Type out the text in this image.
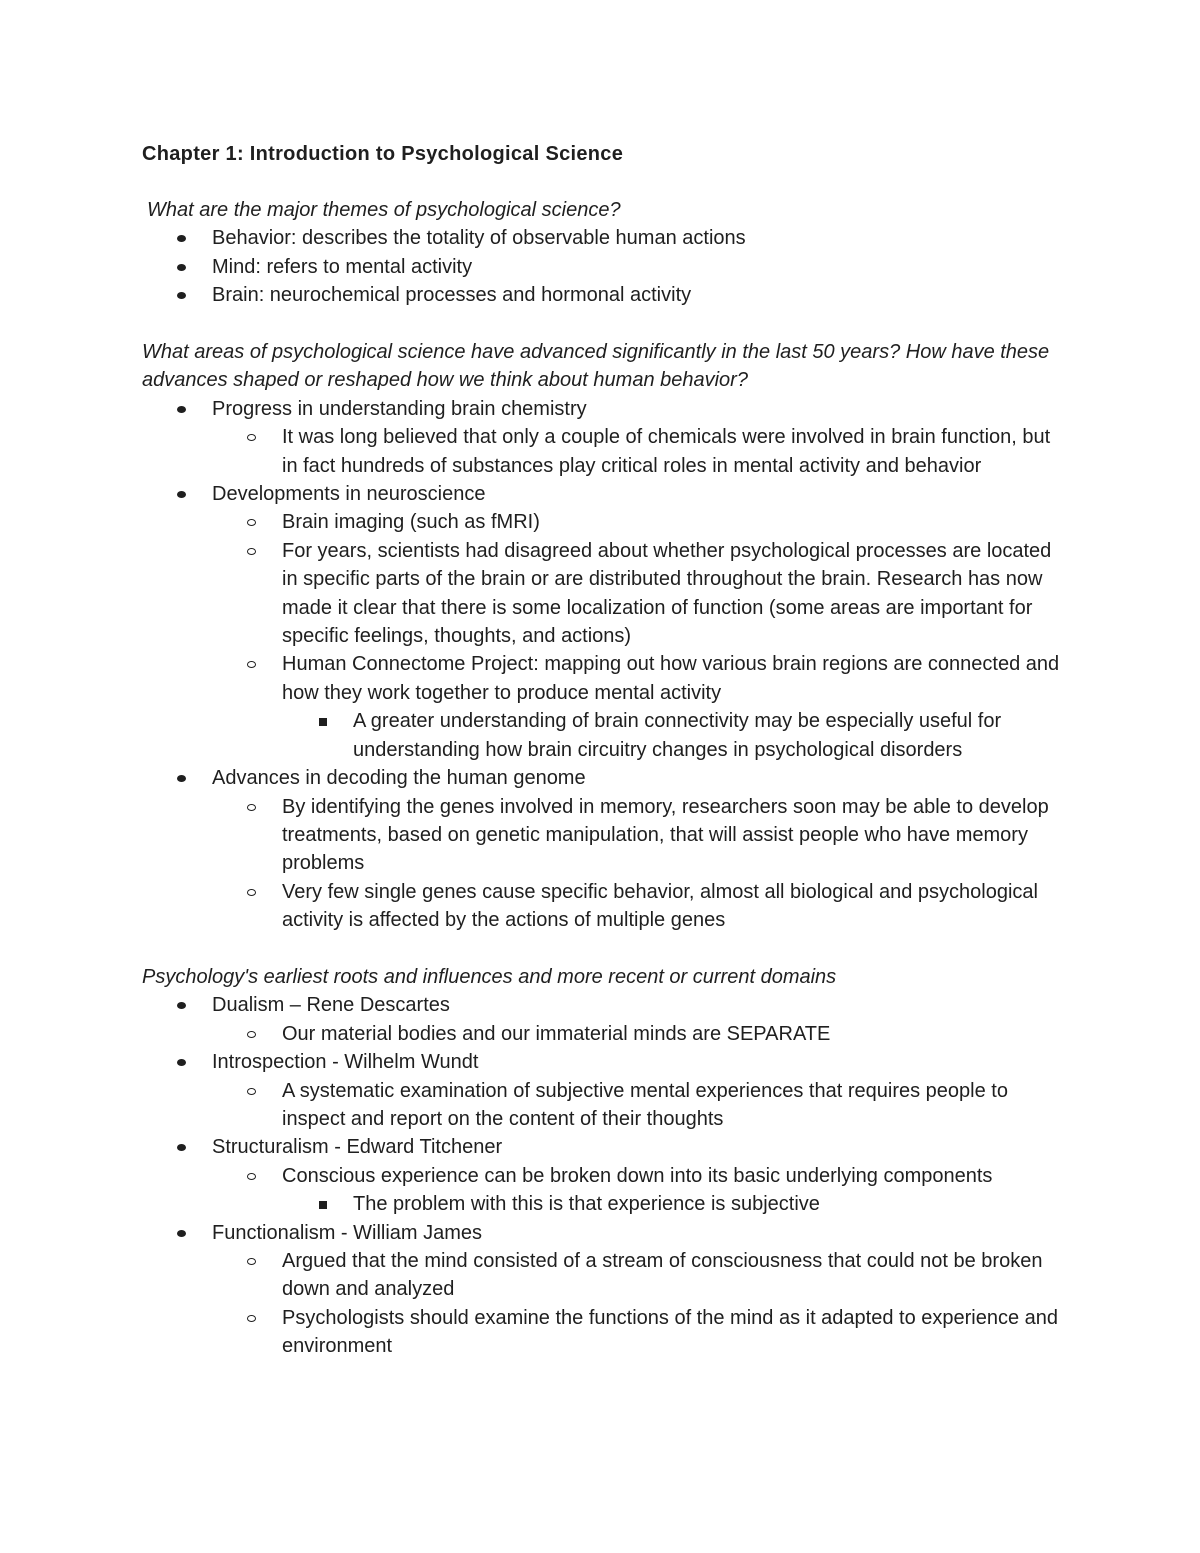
Chapter 1: Introduction to Psychological Science
What are the major themes of psychological science?
Behavior: describes the totality of observable human actions
Mind: refers to mental activity
Brain: neurochemical processes and hormonal activity
What areas of psychological science have advanced significantly in the last 50 years? How have these advances shaped or reshaped how we think about human behavior?
Progress in understanding brain chemistry
It was long believed that only a couple of chemicals were involved in brain function, but in fact hundreds of substances play critical roles in mental activity and behavior
Developments in neuroscience
Brain imaging (such as fMRI)
For years, scientists had disagreed about whether psychological processes are located in specific parts of the brain or are distributed throughout the brain. Research has now made it clear that there is some localization of function (some areas are important for specific feelings, thoughts, and actions)
Human Connectome Project: mapping out how various brain regions are connected and how they work together to produce mental activity
A greater understanding of brain connectivity may be especially useful for understanding how brain circuitry changes in psychological disorders
Advances in decoding the human genome
By identifying the genes involved in memory, researchers soon may be able to develop treatments, based on genetic manipulation, that will assist people who have memory problems
Very few single genes cause specific behavior, almost all biological and psychological activity is affected by the actions of multiple genes
Psychology's earliest roots and influences and more recent or current domains
Dualism – Rene Descartes
Our material bodies and our immaterial minds are SEPARATE
Introspection - Wilhelm Wundt
A systematic examination of subjective mental experiences that requires people to inspect and report on the content of their thoughts
Structuralism - Edward Titchener
Conscious experience can be broken down into its basic underlying components
The problem with this is that experience is subjective
Functionalism - William James
Argued that the mind consisted of a stream of consciousness that could not be broken down and analyzed
Psychologists should examine the functions of the mind as it adapted to experience and environment
